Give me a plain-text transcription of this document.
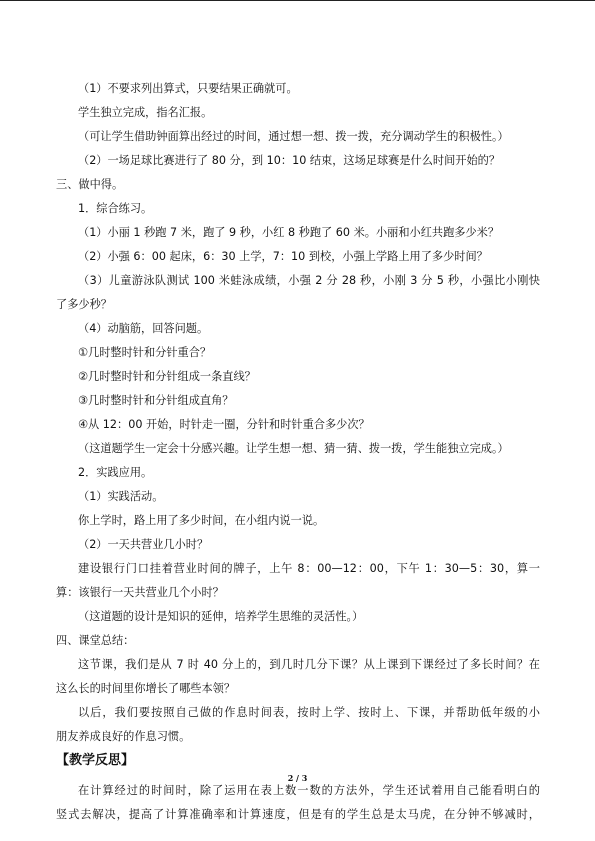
（1）不要求列出算式，只要结果正确就可。
学生独立完成，指名汇报。
（可让学生借助钟面算出经过的时间，通过想一想、拨一拨，充分调动学生的积极性。）
（2）一场足球比赛进行了 80 分，到 10：10 结束，这场足球赛是什么时间开始的？
三、做中得。
1．综合练习。
（1）小丽 1 秒跑 7 米，跑了 9 秒，小红 8 秒跑了 60 米。小丽和小红共跑多少米？
（2）小强 6：00 起床，6：30 上学，7：10 到校，小强上学路上用了多少时间？
（3）儿童游泳队测试 100 米蛙泳成绩，小强 2 分 28 秒，小刚 3 分 5 秒，小强比小刚快
了多少秒？
（4）动脑筋，回答问题。
①几时整时针和分针重合？
②几时整时针和分针组成一条直线？
③几时整时针和分针组成直角？
④从 12：00 开始，时针走一圈，分针和时针重合多少次？
（这道题学生一定会十分感兴趣。让学生想一想、猜一猜、拨一拨，学生能独立完成。）
2．实践应用。
（1）实践活动。
你上学时，路上用了多少时间，在小组内说一说。
（2）一天共营业几小时？
建设银行门口挂着营业时间的牌子，上午 8：00—12：00，下午 1：30—5：30，算一
算：该银行一天共营业几个小时？
（这道题的设计是知识的延伸，培养学生思维的灵活性。）
四、课堂总结：
这节课，我们是从 7 时 40 分上的，到几时几分下课？从上课到下课经过了多长时间？在
这么长的时间里你增长了哪些本领？
以后，我们要按照自己做的作息时间表，按时上学、按时上、下课，并帮助低年级的小
朋友养成良好的作息习惯。
【教学反思】
在计算经过的时间时，除了运用在表上数一数的方法外，学生还试着用自己能看明白的
竖式去解决，提高了计算准确率和计算速度，但是有的学生总是太马虎，在分钟不够减时，
2 / 3
